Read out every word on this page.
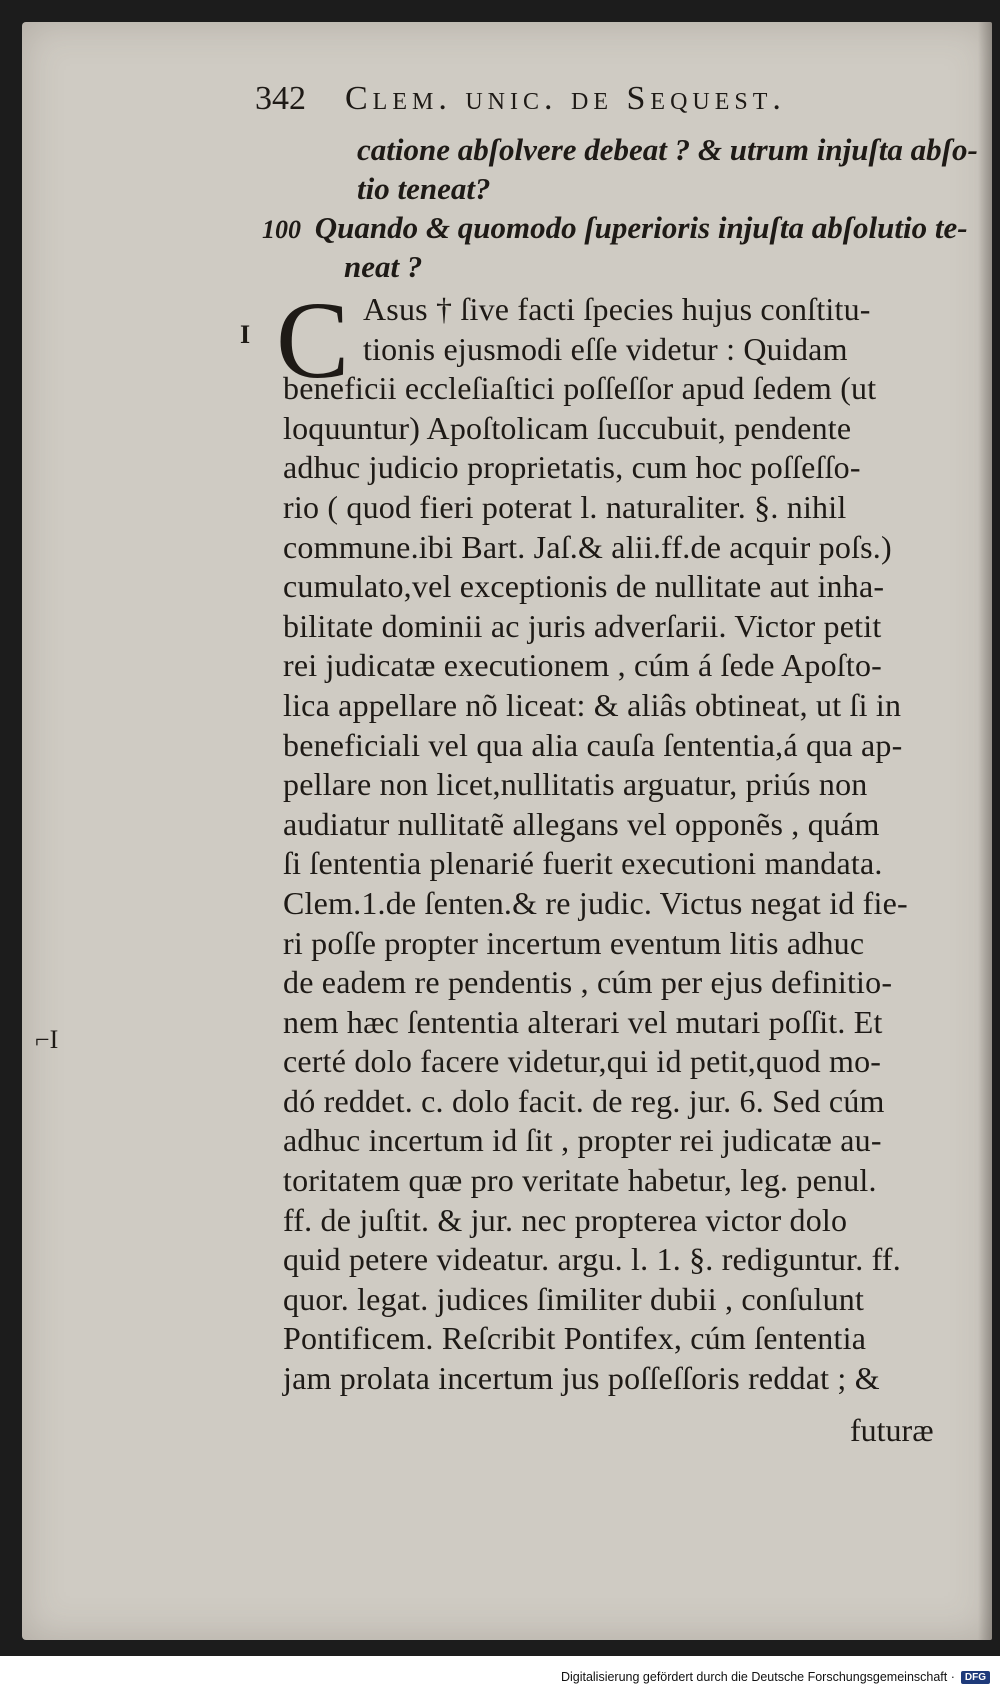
342 Clem. unic. de Sequest.
catione abſolvere debeat ? & utrum injuſta abſo-
tio teneat?
100 Quando & quomodo ſuperioris injuſta abſolutio te-
neat ?
I
⌐I
C Asus † ſive facti ſpecies hujus conſtitu-
tionis ejusmodi eſſe videtur : Quidam
beneficii eccleſiaſtici poſſeſſor apud ſedem (ut
loquuntur) Apoſtolicam ſuccubuit, pendente
adhuc judicio proprietatis, cum hoc poſſeſſo-
rio ( quod fieri poterat l. naturaliter. §. nihil
commune.ibi Bart. Jaſ.& alii.ff.de acquir poſs.)
cumulato,vel exceptionis de nullitate aut inha-
bilitate dominii ac juris adverſarii. Victor petit
rei judicatæ executionem , cúm á ſede Apoſto-
lica appellare nõ liceat: & aliâs obtineat, ut ſi in
beneficiali vel qua alia cauſa ſententia,á qua ap-
pellare non licet,nullitatis arguatur, priús non
audiatur nullitatẽ allegans vel opponẽs , quám
ſi ſententia plenarié fuerit executioni mandata.
Clem.1.de ſenten.& re judic. Victus negat id fie-
ri poſſe propter incertum eventum litis adhuc
de eadem re pendentis , cúm per ejus definitio-
nem hæc ſententia alterari vel mutari poſſit. Et
certé dolo facere videtur,qui id petit,quod mo-
dó reddet. c. dolo facit. de reg. jur. 6. Sed cúm
adhuc incertum id ſit , propter rei judicatæ au-
toritatem quæ pro veritate habetur, leg. penul.
ff. de juſtit. & jur. nec propterea victor dolo
quid petere videatur. argu. l. 1. §. rediguntur. ff.
quor. legat. judices ſimiliter dubii , conſulunt
Pontificem. Reſcribit Pontifex, cúm ſententia
jam prolata incertum jus poſſeſſoris reddat ; &
futuræ
Digitalisierung gefördert durch die Deutsche Forschungsgemeinschaft ·	DFG
